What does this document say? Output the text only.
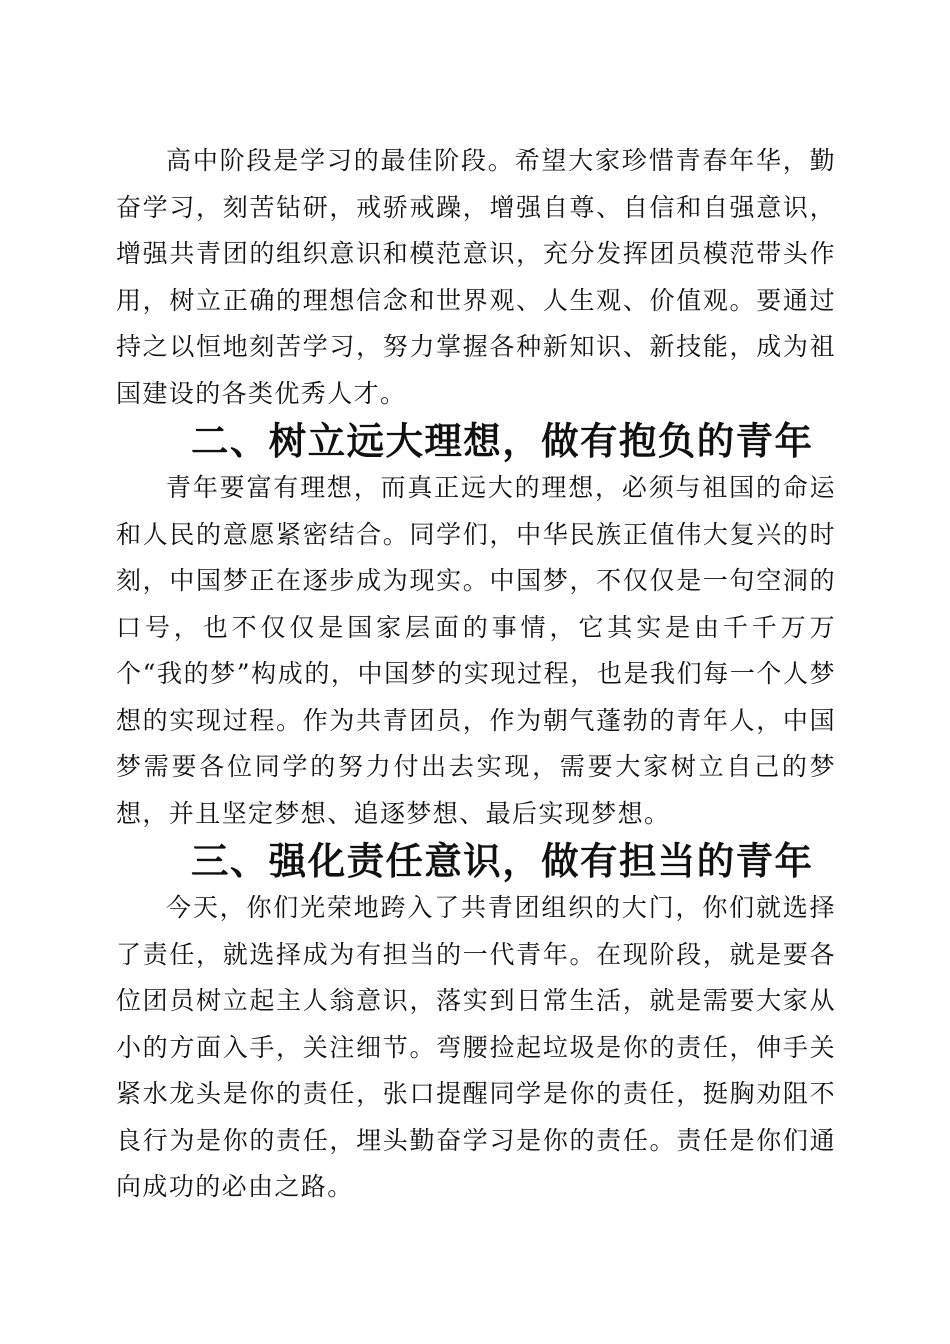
高中阶段是学习的最佳阶段。希望大家珍惜青春年华，勤奋学习，刻苦钻研，戒骄戒躁，增强自尊、自信和自强意识，增强共青团的组织意识和模范意识，充分发挥团员模范带头作用，树立正确的理想信念和世界观、人生观、价值观。要通过持之以恒地刻苦学习，努力掌握各种新知识、新技能，成为祖国建设的各类优秀人才。

二、树立远大理想，做有抱负的青年

青年要富有理想，而真正远大的理想，必须与祖国的命运和人民的意愿紧密结合。同学们，中华民族正值伟大复兴的时刻，中国梦正在逐步成为现实。中国梦，不仅仅是一句空洞的口号，也不仅仅是国家层面的事情，它其实是由千千万万个“我的梦”构成的，中国梦的实现过程，也是我们每一个人梦想的实现过程。作为共青团员，作为朝气蓬勃的青年人，中国梦需要各位同学的努力付出去实现，需要大家树立自己的梦想，并且坚定梦想、追逐梦想、最后实现梦想。

三、强化责任意识，做有担当的青年

今天，你们光荣地跨入了共青团组织的大门，你们就选择了责任，就选择成为有担当的一代青年。在现阶段，就是要各位团员树立起主人翁意识，落实到日常生活，就是需要大家从小的方面入手，关注细节。弯腰捡起垃圾是你的责任，伸手关紧水龙头是你的责任，张口提醒同学是你的责任，挺胸劝阻不良行为是你的责任，埋头勤奋学习是你的责任。责任是你们通向成功的必由之路。
